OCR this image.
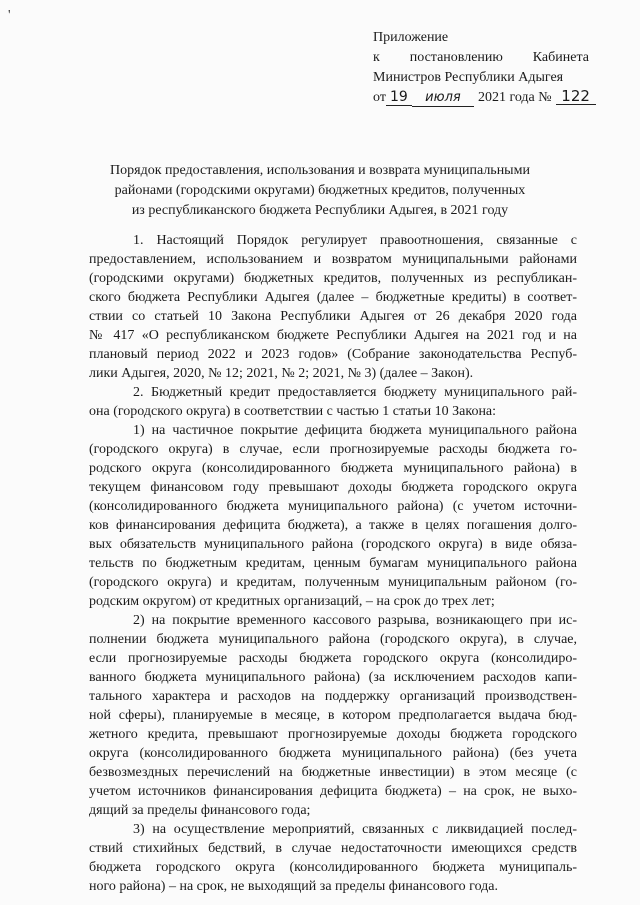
'
Приложение
к постановлению Кабинета
Министров Республики Адыгея
от 19	июля	2021 года № 122
Порядок предоставления, использования и возврата муниципальными
районами (городскими округами) бюджетных кредитов, полученных
из республиканского бюджета Республики Адыгея, в 2021 году
1. Настоящий Порядок регулирует правоотношения, связанные с
предоставлением, использованием и возвратом муниципальными районами
(городскими округами) бюджетных кредитов, полученных из республикан-
ского бюджета Республики Адыгея (далее – бюджетные кредиты) в соответ-
ствии со статьей 10 Закона Республики Адыгея от 26 декабря 2020 года
№ 417 «О республиканском бюджете Республики Адыгея на 2021 год и на
плановый период 2022 и 2023 годов» (Собрание законодательства Респуб-
лики Адыгея, 2020, № 12; 2021, № 2; 2021, № 3) (далее – Закон).
2. Бюджетный кредит предоставляется бюджету муниципального рай-
она (городского округа) в соответствии с частью 1 статьи 10 Закона:
1) на частичное покрытие дефицита бюджета муниципального района
(городского округа) в случае, если прогнозируемые расходы бюджета го-
родского округа (консолидированного бюджета муниципального района) в
текущем финансовом году превышают доходы бюджета городского округа
(консолидированного бюджета муниципального района) (с учетом источни-
ков финансирования дефицита бюджета), а также в целях погашения долго-
вых обязательств муниципального района (городского округа) в виде обяза-
тельств по бюджетным кредитам, ценным бумагам муниципального района
(городского округа) и кредитам, полученным муниципальным районом (го-
родским округом) от кредитных организаций, – на срок до трех лет;
2) на покрытие временного кассового разрыва, возникающего при ис-
полнении бюджета муниципального района (городского округа), в случае,
если прогнозируемые расходы бюджета городского округа (консолидиро-
ванного бюджета муниципального района) (за исключением расходов капи-
тального характера и расходов на поддержку организаций производствен-
ной сферы), планируемые в месяце, в котором предполагается выдача бюд-
жетного кредита, превышают прогнозируемые доходы бюджета городского
округа (консолидированного бюджета муниципального района) (без учета
безвозмездных перечислений на бюджетные инвестиции) в этом месяце (с
учетом источников финансирования дефицита бюджета) – на срок, не выхо-
дящий за пределы финансового года;
3) на осуществление мероприятий, связанных с ликвидацией послед-
ствий стихийных бедствий, в случае недостаточности имеющихся средств
бюджета городского округа (консолидированного бюджета муниципаль-
ного района) – на срок, не выходящий за пределы финансового года.
